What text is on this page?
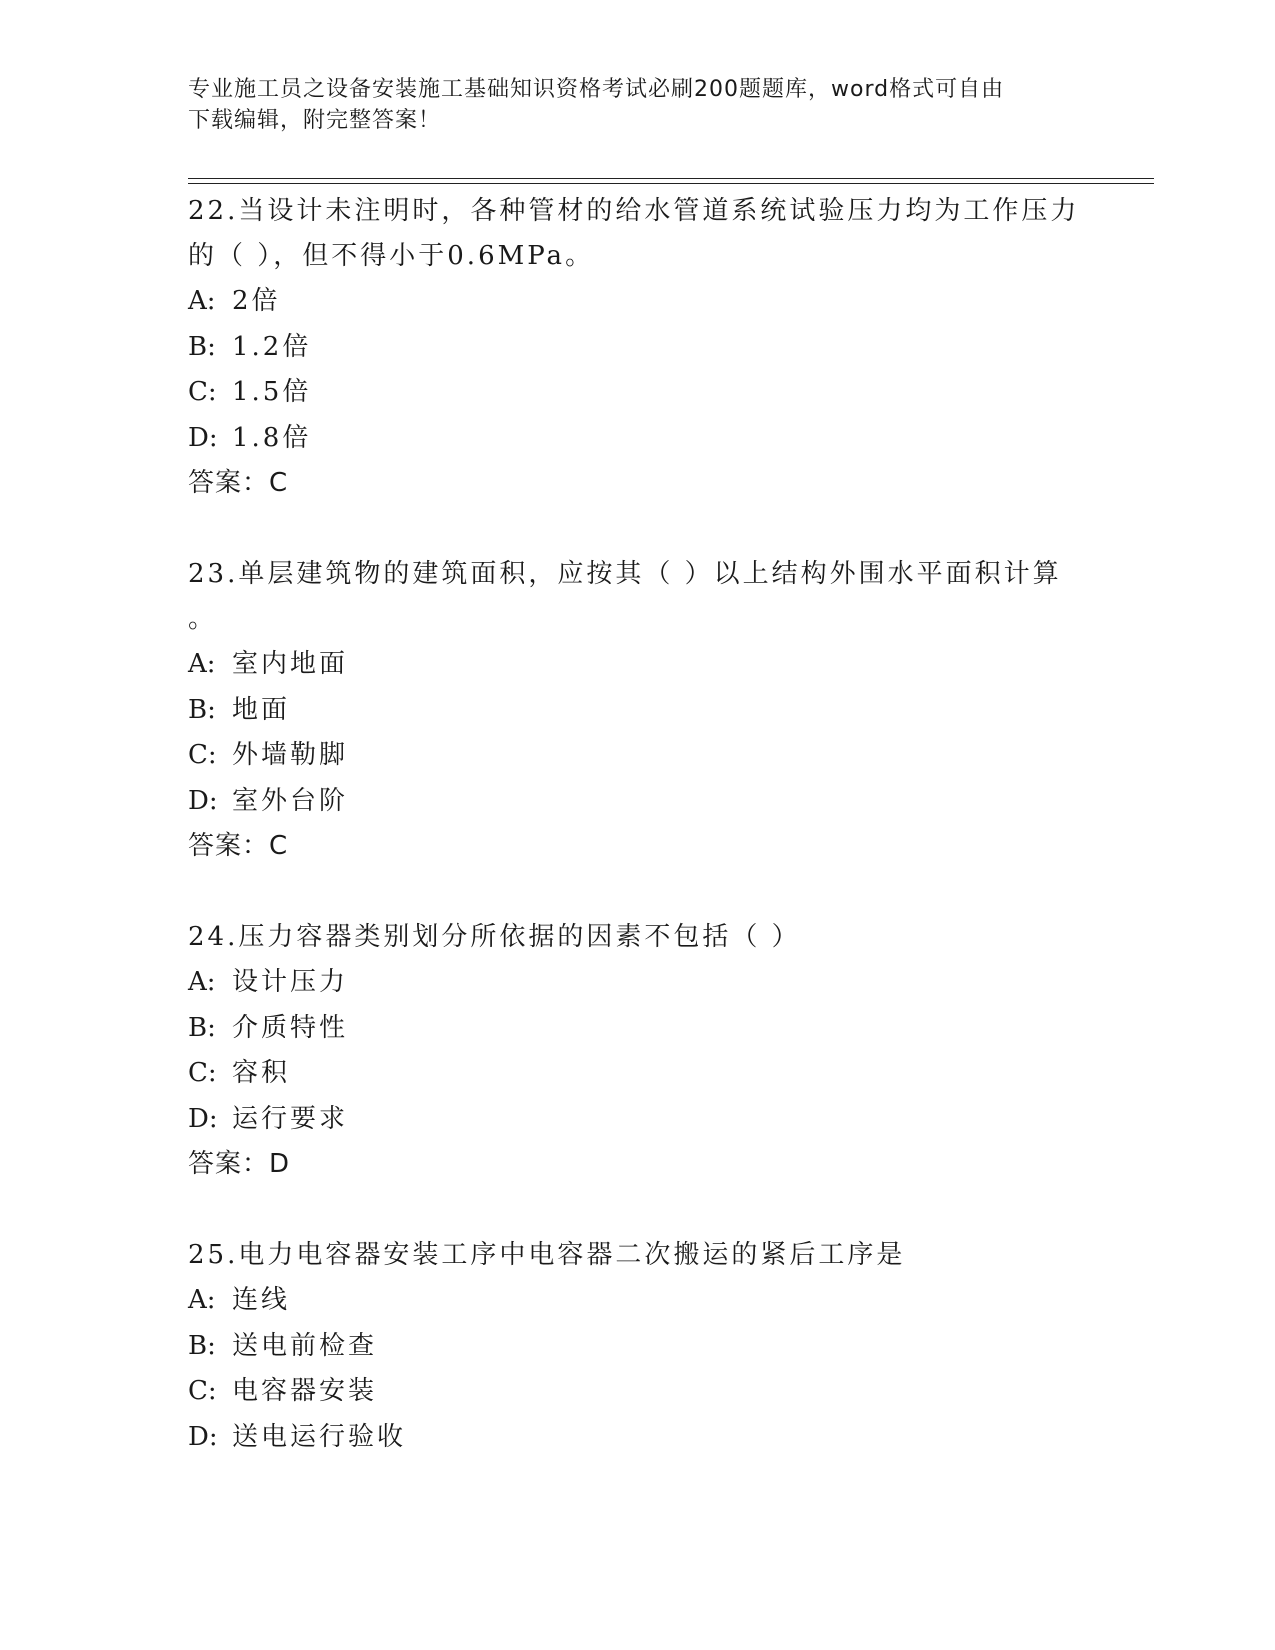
专业施工员之设备安装施工基础知识资格考试必刷200题题库，word格式可自由
下载编辑，附完整答案！

22.当设计未注明时，各种管材的给水管道系统试验压力均为工作压力
的（ ），但不得小于0.6MPa。

A: 2倍

B: 1.2倍

C: 1.5倍

D: 1.8倍

答案：C

23.单层建筑物的建筑面积，应按其（ ）以上结构外围水平面积计算
。

A: 室内地面

B: 地面

C: 外墙勒脚

D: 室外台阶

答案：C

24.压力容器类别划分所依据的因素不包括（ ）

A: 设计压力

B: 介质特性

C: 容积

D: 运行要求

答案：D

25.电力电容器安装工序中电容器二次搬运的紧后工序是

A: 连线

B: 送电前检查

C: 电容器安装

D: 送电运行验收
